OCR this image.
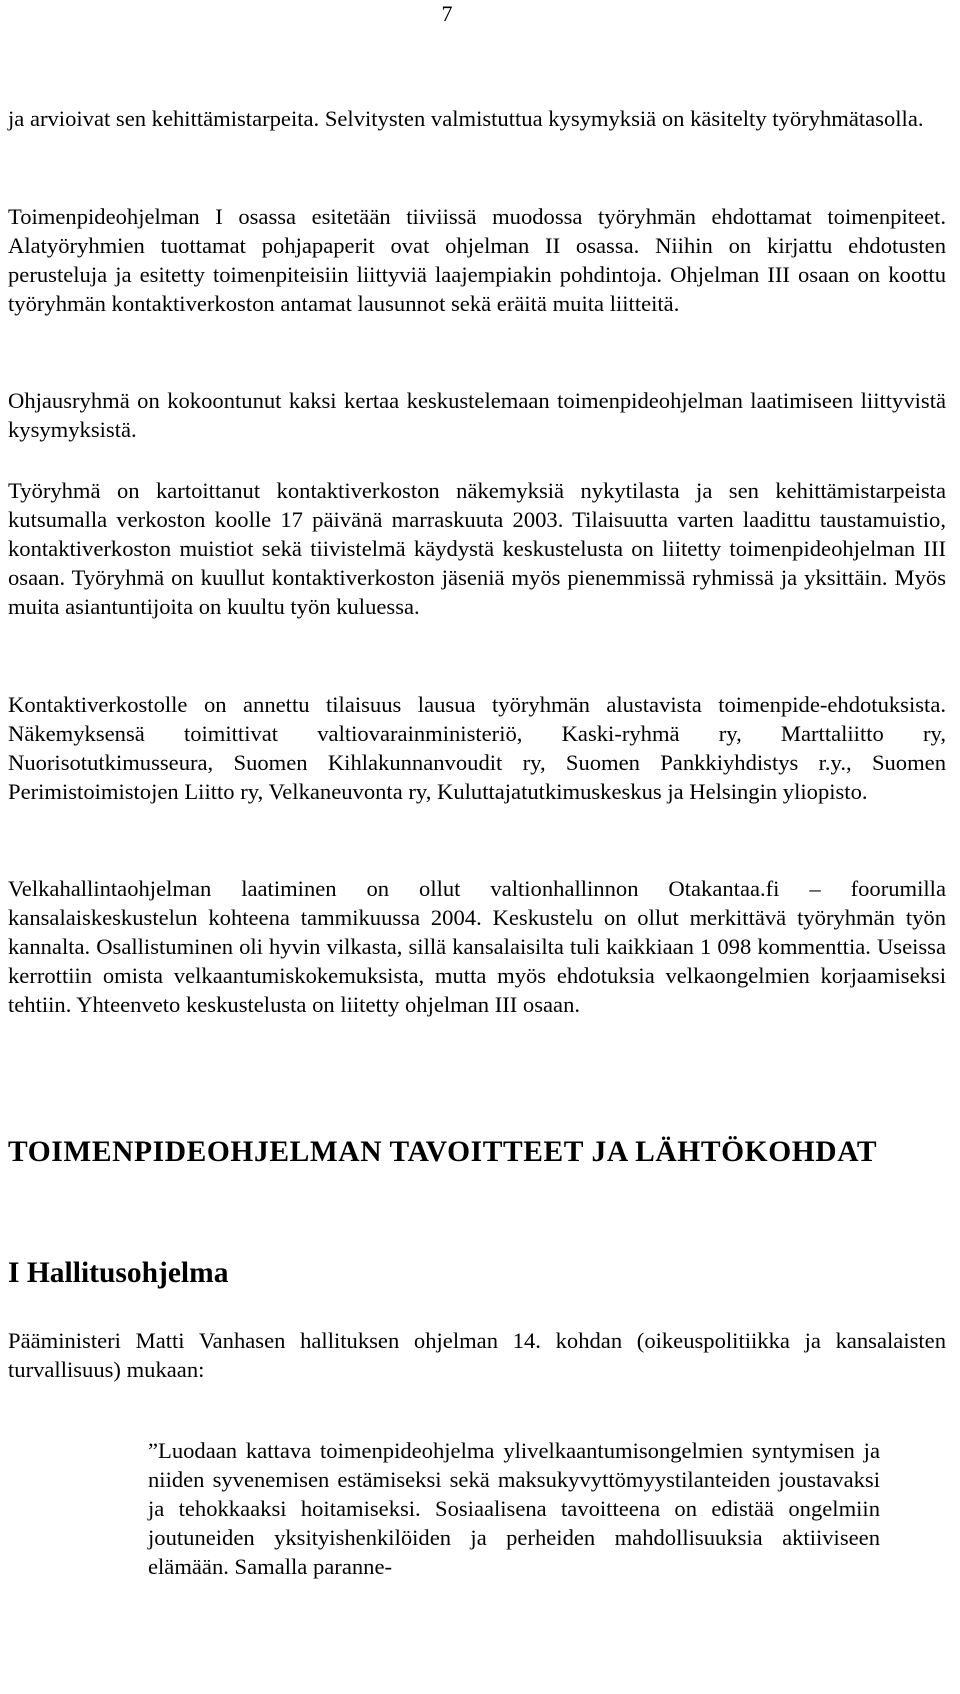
7

ja arvioivat sen kehittämistarpeita. Selvitysten valmistuttua kysymyksiä on käsitelty työryhmätasolla.

Toimenpideohjelman I osassa esitetään tiiviissä muodossa työryhmän ehdottamat toimenpiteet. Alatyöryhmien tuottamat pohjapaperit ovat ohjelman II osassa. Niihin on kirjattu ehdotusten perusteluja ja esitetty toimenpiteisiin liittyviä laajempiakin pohdintoja. Ohjelman III osaan on koottu työryhmän kontaktiverkoston antamat lausunnot sekä eräitä muita liitteitä.

Ohjausryhmä on kokoontunut kaksi kertaa keskustelemaan toimenpideohjelman laatimiseen liittyvistä kysymyksistä.

Työryhmä on kartoittanut kontaktiverkoston näkemyksiä nykytilasta ja sen kehittämistarpeista kutsumalla verkoston koolle 17 päivänä marraskuuta 2003. Tilaisuutta varten laadittu taustamuistio, kontaktiverkoston muistiot sekä tiivistelmä käydystä keskustelusta on liitetty toimenpideohjelman III osaan. Työryhmä on kuullut kontaktiverkoston jäseniä myös pienemmissä ryhmissä ja yksittäin. Myös muita asiantuntijoita on kuultu työn kuluessa.

Kontaktiverkostolle on annettu tilaisuus lausua työryhmän alustavista toimenpide-ehdotuksista. Näkemyksensä toimittivat valtiovarainministeriö, Kaski-ryhmä ry, Marttaliitto ry, Nuorisotutkimusseura, Suomen Kihlakunnanvoudit ry, Suomen Pankkiyhdistys r.y., Suomen Perimistoimistojen Liitto ry, Velkaneuvonta ry, Kuluttajatutkimuskeskus ja Helsingin yliopisto.

Velkahallintaohjelman laatiminen on ollut valtionhallinnon Otakantaa.fi – foorumilla kansalaiskeskustelun kohteena tammikuussa 2004. Keskustelu on ollut merkittävä työryhmän työn kannalta. Osallistuminen oli hyvin vilkasta, sillä kansalaisilta tuli kaikkiaan 1 098 kommenttia. Useissa kerrottiin omista velkaantumiskokemuksista, mutta myös ehdotuksia velkaongelmien korjaamiseksi tehtiin. Yhteenveto keskustelusta on liitetty ohjelman III osaan.

TOIMENPIDEOHJELMAN TAVOITTEET JA LÄHTÖKOHDAT
I Hallitusohjelma

Pääministeri Matti Vanhasen hallituksen ohjelman 14. kohdan (oikeuspolitiikka ja kansalaisten turvallisuus) mukaan:

”Luodaan kattava toimenpideohjelma ylivelkaantumisongelmien syntymisen ja niiden syvenemisen estämiseksi sekä maksukyvyttömyystilanteiden joustavaksi ja tehokkaaksi hoitamiseksi. Sosiaalisena tavoitteena on edistää ongelmiin joutuneiden yksityishenkilöiden ja perheiden mahdollisuuksia aktiiviseen elämään. Samalla paranne-
